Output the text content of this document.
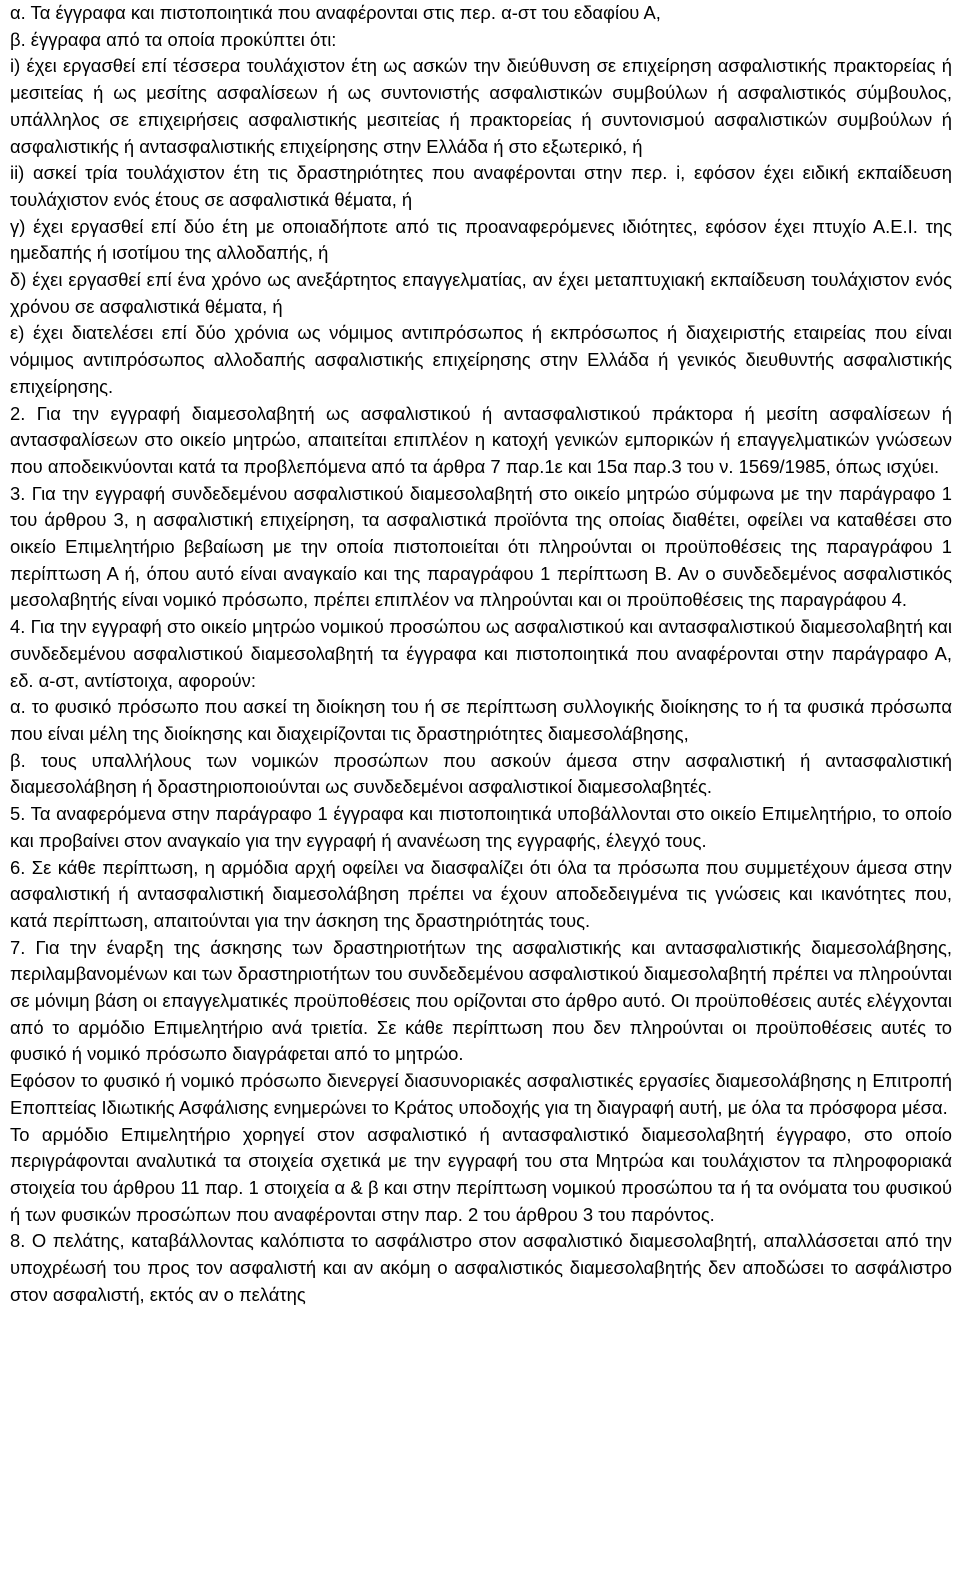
α. Τα έγγραφα και πιστοποιητικά που αναφέρονται στις περ. α-στ του εδαφίου Α,

β. έγγραφα από τα οποία προκύπτει ότι:

i) έχει εργασθεί επί τέσσερα τουλάχιστον έτη ως ασκών την διεύθυνση σε επιχείρηση ασφαλιστικής πρακτορείας ή μεσιτείας ή ως μεσίτης ασφαλίσεων ή ως συντονιστής ασφαλιστικών συμβούλων ή ασφαλιστικός σύμβουλος, υπάλληλος σε επιχειρήσεις ασφαλιστικής μεσιτείας ή πρακτορείας ή συντονισμού ασφαλιστικών συμβούλων ή ασφαλιστικής ή αντασφαλιστικής επιχείρησης στην Ελλάδα ή στο εξωτερικό, ή

ii) ασκεί τρία τουλάχιστον έτη τις δραστηριότητες που αναφέρονται στην περ. i, εφόσον έχει ειδική εκπαίδευση τουλάχιστον ενός έτους σε ασφαλιστικά θέματα, ή

γ) έχει εργασθεί επί δύο έτη με οποιαδήποτε από τις προαναφερόμενες ιδιότητες, εφόσον έχει πτυχίο Α.Ε.Ι. της ημεδαπής ή ισοτίμου της αλλοδαπής, ή

δ) έχει εργασθεί επί ένα χρόνο ως ανεξάρτητος επαγγελματίας, αν έχει μεταπτυχιακή εκπαίδευση τουλάχιστον ενός χρόνου σε ασφαλιστικά θέματα, ή

ε) έχει διατελέσει επί δύο χρόνια ως νόμιμος αντιπρόσωπος ή εκπρόσωπος ή διαχειριστής εταιρείας που είναι νόμιμος αντιπρόσωπος αλλοδαπής ασφαλιστικής επιχείρησης στην Ελλάδα ή γενικός διευθυντής ασφαλιστικής επιχείρησης.

2. Για την εγγραφή διαμεσολαβητή ως ασφαλιστικού ή αντασφαλιστικού πράκτορα ή μεσίτη ασφαλίσεων ή αντασφαλίσεων στο οικείο μητρώο, απαιτείται επιπλέον η κατοχή γενικών εμπορικών ή επαγγελματικών γνώσεων που αποδεικνύονται κατά τα προβλεπόμενα από τα άρθρα 7 παρ.1ε και 15α παρ.3 του ν. 1569/1985, όπως ισχύει.

3. Για την εγγραφή συνδεδεμένου ασφαλιστικού διαμεσολαβητή στο οικείο μητρώο σύμφωνα με την παράγραφο 1 του άρθρου 3, η ασφαλιστική επιχείρηση, τα ασφαλιστικά προϊόντα της οποίας διαθέτει, οφείλει να καταθέσει στο οικείο Επιμελητήριο βεβαίωση με την οποία πιστοποιείται ότι πληρούνται οι προϋποθέσεις της παραγράφου 1 περίπτωση Α ή, όπου αυτό είναι αναγκαίο και της παραγράφου 1 περίπτωση Β. Αν ο συνδεδεμένος ασφαλιστικός μεσολαβητής είναι νομικό πρόσωπο, πρέπει επιπλέον να πληρούνται και οι προϋποθέσεις της παραγράφου 4.

4. Για την εγγραφή στο οικείο μητρώο νομικού προσώπου ως ασφαλιστικού και αντασφαλιστικού διαμεσολαβητή και συνδεδεμένου ασφαλιστικού διαμεσολαβητή τα έγγραφα και πιστοποιητικά που αναφέρονται στην παράγραφο Α, εδ. α-στ, αντίστοιχα, αφορούν:

α. το φυσικό πρόσωπο που ασκεί τη διοίκηση του ή σε περίπτωση συλλογικής διοίκησης το ή τα φυσικά πρόσωπα που είναι μέλη της διοίκησης και διαχειρίζονται τις δραστηριότητες διαμεσολάβησης,

β. τους υπαλλήλους των νομικών προσώπων που ασκούν άμεσα στην ασφαλιστική ή αντασφαλιστική διαμεσολάβηση ή δραστηριοποιούνται ως συνδεδεμένοι ασφαλιστικοί διαμεσολαβητές.

5. Τα αναφερόμενα στην παράγραφο 1 έγγραφα και πιστοποιητικά υποβάλλονται στο οικείο Επιμελητήριο, το οποίο και προβαίνει στον αναγκαίο για την εγγραφή ή ανανέωση της εγγραφής, έλεγχό τους.

6. Σε κάθε περίπτωση, η αρμόδια αρχή οφείλει να διασφαλίζει ότι όλα τα πρόσωπα που συμμετέχουν άμεσα στην ασφαλιστική ή αντασφαλιστική διαμεσολάβηση πρέπει να έχουν αποδεδειγμένα τις γνώσεις και ικανότητες που, κατά περίπτωση, απαιτούνται για την άσκηση της δραστηριότητάς τους.

7. Για την έναρξη της άσκησης των δραστηριοτήτων της ασφαλιστικής και αντασφαλιστικής διαμεσολάβησης, περιλαμβανομένων και των δραστηριοτήτων του συνδεδεμένου ασφαλιστικού διαμεσολαβητή πρέπει να πληρούνται σε μόνιμη βάση οι επαγγελματικές προϋποθέσεις που ορίζονται στο άρθρο αυτό. Οι προϋποθέσεις αυτές ελέγχονται από το αρμόδιο Επιμελητήριο ανά τριετία. Σε κάθε περίπτωση που δεν πληρούνται οι προϋποθέσεις αυτές το φυσικό ή νομικό πρόσωπο διαγράφεται από το μητρώο.

Εφόσον το φυσικό ή νομικό πρόσωπο διενεργεί διασυνοριακές ασφαλιστικές εργασίες διαμεσολάβησης η Επιτροπή Εποπτείας Ιδιωτικής Ασφάλισης ενημερώνει το Κράτος υποδοχής για τη διαγραφή αυτή, με όλα τα πρόσφορα μέσα.

Το αρμόδιο Επιμελητήριο χορηγεί στον ασφαλιστικό ή αντασφαλιστικό διαμεσολαβητή έγγραφο, στο οποίο περιγράφονται αναλυτικά τα στοιχεία σχετικά με την εγγραφή του στα Μητρώα και τουλάχιστον τα πληροφοριακά στοιχεία του άρθρου 11 παρ. 1 στοιχεία α & β και στην περίπτωση νομικού προσώπου τα ή τα ονόματα του φυσικού ή των φυσικών προσώπων που αναφέρονται στην παρ. 2 του άρθρου 3 του παρόντος.

8. Ο πελάτης, καταβάλλοντας καλόπιστα το ασφάλιστρο στον ασφαλιστικό διαμεσολαβητή, απαλλάσσεται από την υποχρέωσή του προς τον ασφαλιστή και αν ακόμη ο ασφαλιστικός διαμεσολαβητής δεν αποδώσει το ασφάλιστρο στον ασφαλιστή, εκτός αν ο πελάτης
